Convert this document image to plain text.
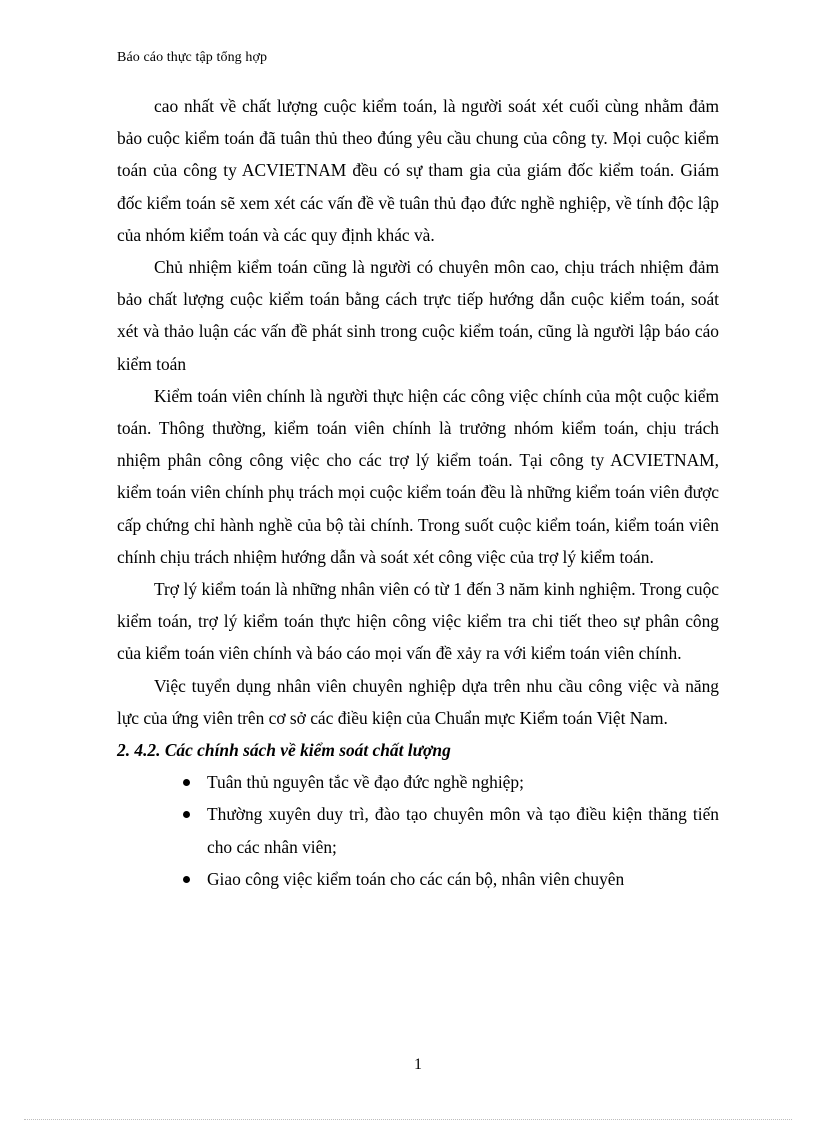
Báo cáo thực tập tổng hợp

cao nhất về chất lượng cuộc kiểm toán, là người soát xét cuối cùng nhằm đảm bảo cuộc kiểm toán đã tuân thủ theo đúng yêu cầu chung của công ty. Mọi cuộc kiểm toán của công ty ACVIETNAM đều có sự tham gia của giám đốc kiểm toán. Giám đốc kiểm toán sẽ xem xét các vấn đề về tuân thủ đạo đức nghề nghiệp, về tính độc lập của nhóm kiểm toán và các quy định khác và.

Chủ nhiệm kiểm toán cũng là người có chuyên môn cao, chịu trách nhiệm đảm bảo chất lượng cuộc kiểm toán bằng cách trực tiếp hướng dẫn cuộc kiểm toán, soát xét và thảo luận các vấn đề phát sinh trong cuộc kiểm toán, cũng là người lập báo cáo kiểm toán

Kiểm toán viên chính là người thực hiện các công việc chính của một cuộc kiểm toán. Thông thường, kiểm toán viên chính là trưởng nhóm kiểm toán, chịu trách nhiệm phân công công việc cho các trợ lý kiểm toán. Tại công ty ACVIETNAM, kiểm toán viên chính phụ trách mọi cuộc kiểm toán đều là những kiểm toán viên được cấp chứng chỉ hành nghề của bộ tài chính. Trong suốt cuộc kiểm toán, kiểm toán viên chính chịu trách nhiệm hướng dẫn và soát xét công việc của trợ lý kiểm toán.

Trợ lý kiểm toán là những nhân viên có từ 1 đến 3 năm kinh nghiệm. Trong cuộc kiểm toán, trợ lý kiểm toán thực hiện công việc kiểm tra chi tiết theo sự phân công của kiểm toán viên chính và báo cáo mọi vấn đề xảy ra với kiểm toán viên chính.

Việc tuyển dụng nhân viên chuyên nghiệp dựa trên nhu cầu công việc và năng lực của ứng viên trên cơ sở các điều kiện của Chuẩn mực Kiểm toán Việt Nam.

2. 4.2. Các chính sách về kiểm soát chất lượng

Tuân thủ nguyên tắc về đạo đức nghề nghiệp;
Thường xuyên duy trì, đào tạo chuyên môn và tạo điều kiện thăng tiến cho các nhân viên;
Giao công việc kiểm toán cho các cán bộ, nhân viên chuyên
1
